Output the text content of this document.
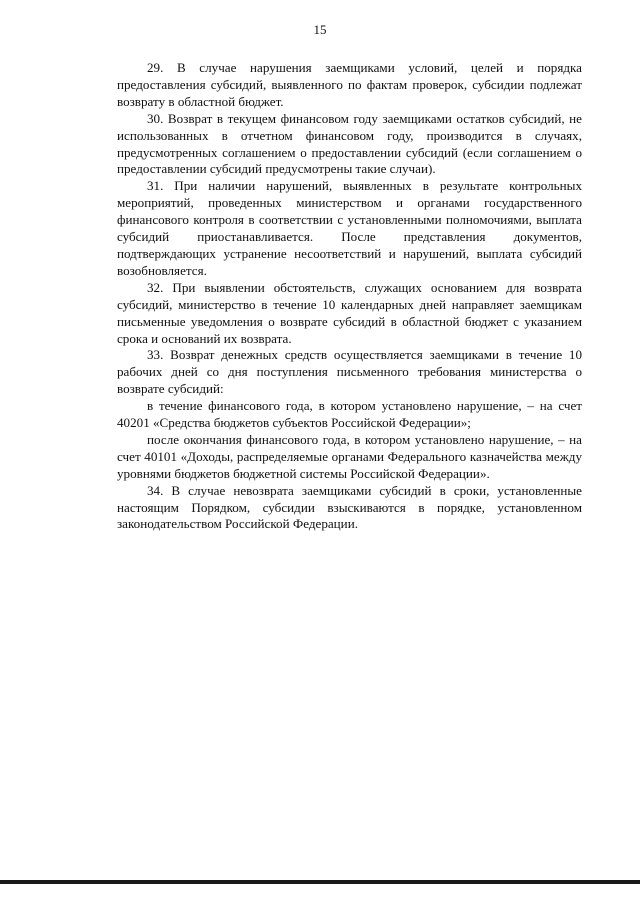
15

29. В случае нарушения заемщиками условий, целей и порядка предоставления субсидий, выявленного по фактам проверок, субсидии подлежат возврату в областной бюджет.

30. Возврат в текущем финансовом году заемщиками остатков субсидий, не использованных в отчетном финансовом году, производится в случаях, предусмотренных соглашением о предоставлении субсидий (если соглашением о предоставлении субсидий предусмотрены такие случаи).

31. При наличии нарушений, выявленных в результате контрольных мероприятий, проведенных министерством и органами государственного финансового контроля в соответствии с установленными полномочиями, выплата субсидий приостанавливается. После представления документов, подтверждающих устранение несоответствий и нарушений, выплата субсидий возобновляется.

32. При выявлении обстоятельств, служащих основанием для возврата субсидий, министерство в течение 10 календарных дней направляет заемщикам письменные уведомления о возврате субсидий в областной бюджет с указанием срока и оснований их возврата.

33. Возврат денежных средств осуществляется заемщиками в течение 10 рабочих дней со дня поступления письменного требования министерства о возврате субсидий:

в течение финансового года, в котором установлено нарушение, – на счет 40201 «Средства бюджетов субъектов Российской Федерации»;

после окончания финансового года, в котором установлено нарушение, – на счет 40101 «Доходы, распределяемые органами Федерального казначейства между уровнями бюджетов бюджетной системы Российской Федерации».

34. В случае невозврата заемщиками субсидий в сроки, установленные настоящим Порядком, субсидии взыскиваются в порядке, установленном законодательством Российской Федерации.
